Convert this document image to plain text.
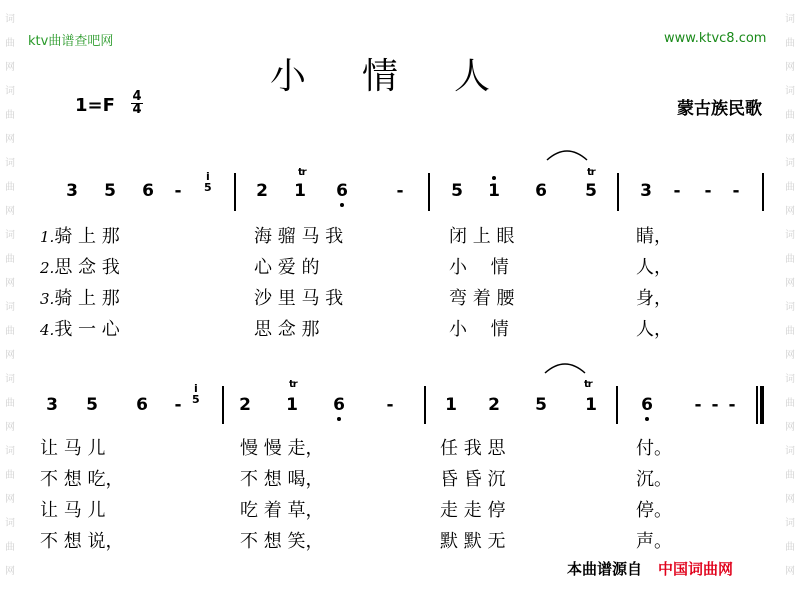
词
曲
网
词
曲
网
词
曲
网
词
曲
网
词
曲
网
词
曲
网
词
曲
网
词
曲
网
词
曲
网
词
曲
网
词
曲
网
词
曲
网
词
曲
网
词
曲
网
词
曲
网
词
曲
网
ktv曲谱查吧网	www.ktvc8.com
小情人
1=F 4
4	蒙古族民歌
3 5 6	-	2 1 6	-	5 1 6 5	3	-	-	-
i
5
tr	tr
1.骑 上 那	海 骝 马 我	闭 上 眼	睛，
2.思 念 我	心 爱 的	小　 情	人，
3.骑 上 那	沙 里 马 我	弯 着 腰	身，
4.我 一 心	思 念 那	小　 情	人，
3 5 6	-	2 1 6	-	1 2 5 1	6	- - -
i
5
tr	tr
让 马 儿	慢 慢 走，	任 我 思	付。
不 想 吃，	不 想 喝，	昏 昏 沉	沉。
让 马 儿	吃 着 草，	走 走 停	停。
不 想 说，	不 想 笑，	默 默 无	声。
本曲谱源自 中国词曲网
